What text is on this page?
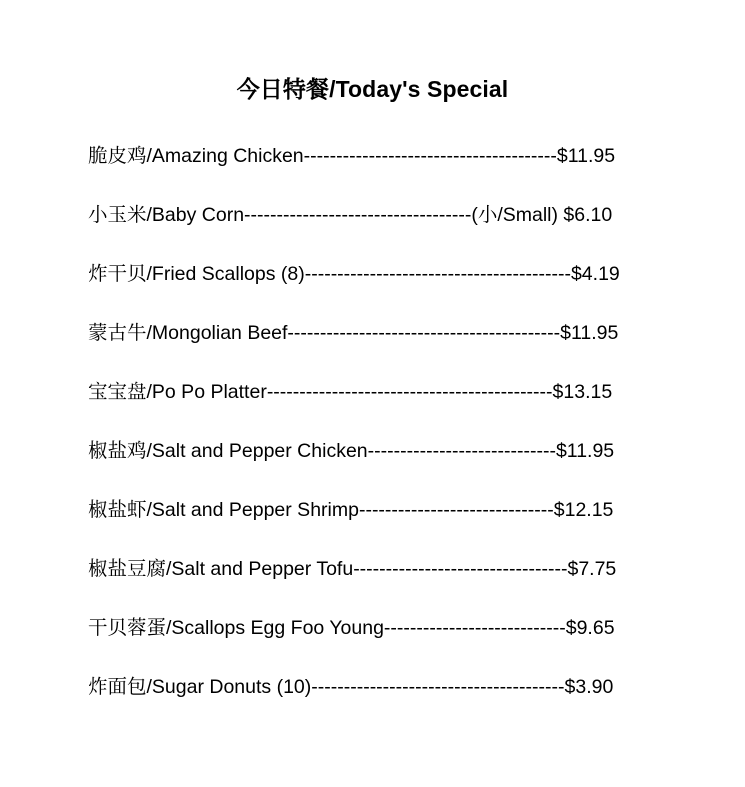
今日特餐/Today's Special
脆皮鸡/Amazing Chicken---------------------------------------$11.95
小玉米/Baby Corn-----------------------------------(小/Small) $6.10
炸干贝/Fried Scallops (8)-----------------------------------------$4.19
蒙古牛/Mongolian Beef------------------------------------------$11.95
宝宝盘/Po Po Platter--------------------------------------------$13.15
椒盐鸡/Salt and Pepper Chicken-----------------------------$11.95
椒盐虾/Salt and Pepper Shrimp------------------------------$12.15
椒盐豆腐/Salt and Pepper Tofu---------------------------------$7.75
干贝蓉蛋/Scallops Egg Foo Young----------------------------$9.65
炸面包/Sugar Donuts (10)---------------------------------------$3.90
